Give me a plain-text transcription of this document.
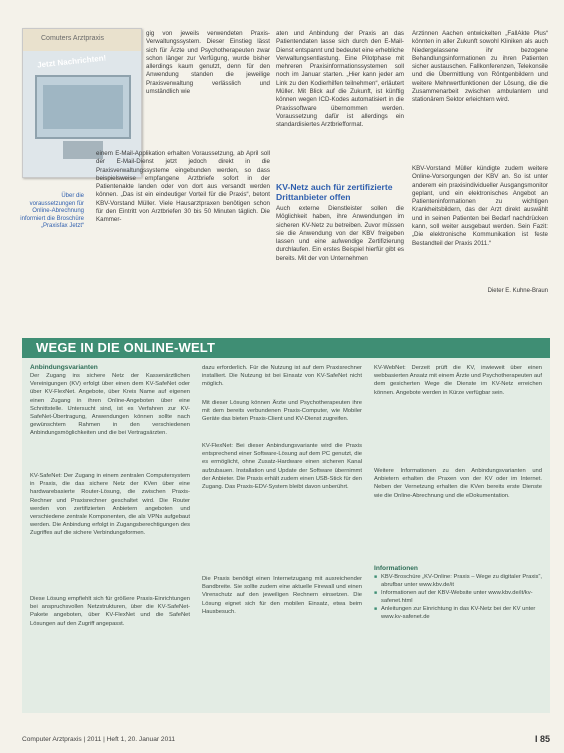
Comuters Arztpraxis
Jetzt Nachrichten!
Über die voraussetzungen für Online-Abrechnung informiert die Broschüre „Praxisfax Jetzt“

gig von jeweils verwendeten Praxis-Verwaltungssystem. Dieser Einstieg lässt sich für Ärzte und Psychotherapeuten zwar schon länger zur Verfügung, wurde bisher allerdings kaum genutzt, denn für den Anwendung standen die jeweilige Praxisverwaltung verlässlich und umständlich wie

einem E-Mail-Applikation erhalten Voraussetzung, ab April soll der E-Mail-Dienst jetzt jedoch direkt in die Praxisverwaltungssysteme eingebunden werden, so dass beispielsweise empfangene Arztbriefe sofort in der Patientenakte landen oder von dort aus versandt werden können. „Das ist ein eindeutiger Vorteil für die Praxis“, betont KBV-Vorstand Müller. Viele Hausarztpraxen benötigen schon für den Eintritt von Arztbriefen 30 bis 50 Minuten täglich. Die Kammer-

aten und Anbindung der Praxis an das Patientendaten lasse sich durch den E-Mail-Dienst entspannt und bedeutet eine erhebliche Verwaltungsentlastung. Eine Pilotphase mit mehreren Praxisinformationssystemen soll noch im Januar starten. „Hier kann jeder am Link zu den Kodierhilfen teilnehmen“, erläutert Müller. Mit Blick auf die Zukunft, ist künftig können wegen ICD-Kodes automatisiert in die Praxissoftware übernommen werden. Voraussetzung dafür ist allerdings ein standardisiertes Arztbriefformat.

KV-Netz auch für zertifizierte Drittanbieter offen

Auch externe Dienstleister sollen die Möglichkeit haben, ihre Anwendungen im sicheren KV-Netz zu betreiben. Zuvor müssen sie die Anwendung von der KBV freigeben lassen und eine aufwendige Zertifizierung durchlaufen. Ein erstes Beispiel hierfür gibt es bereits. Mit der von Unternehmen

Ärztinnen Aachen entwickelten „FallAkte Plus“ könnten in aller Zukunft sowohl Kliniken als auch Niedergelassene ihr bezogene Behandlungsinformationen zu ihren Patienten sicher austauschen. Fallkonferenzen, Telekonsile und die Übermittlung von Röntgenbildern und weitere Mehrwertfunktionen der Lösung, die die Zusammenarbeit zwischen ambulantem und stationärem Sektor erleichtern wird.

KBV-Vorstand Müller kündigte zudem weitere Online-Vorsorgungen der KBV an. So ist unter anderem ein praxisindividueller Ausgangsmonitor geplant, und ein elektronisches Angebot an Patienteninformationen zu wichtigen Krankheitsbildern, das der Arzt direkt auswählt und in seinen Patienten bei Bedarf nachdrücken kann, soll weiter ausgebaut werden. Sein Fazit: „Die elektronische Kommunikation ist feste Bestandteil der Praxis 2011.“

Dieter E. Kuhne-Braun
WEGE IN DIE ONLINE-WELT
Anbindungsvarianten

Der Zugang ins sichere Netz der Kassenärztlichen Vereinigungen (KV) erfolgt über einen dem KV-SafeNet oder über KV-FlexNet. Angebote, über Kreis Name auf eigenen einen Zugang in ihren Online-Angeboten über eine Schnittstelle. Untersucht sind, ist es Verfahren zur KV-SafeNet-Übertragung, Anwendungen können sollte nach gewünschtem Rahmen in den verschiedenen Anbindungsmöglichkeiten und die bei Vertragsärzten.

KV-SafeNet: Der Zugang in einem zentralen Computersystem in Praxis, die das sichere Netz der KVen über eine hardwarebasierte Router-Lösung, die zwischen Praxis-Rechner und Praxisrechner geschaltet wird. Die Router werden von zertifizierten Anbietern angeboten und verschiedene zentrale Komponenten, die als VPNs aufgebaut werden. Die Anbindung erfolgt in Zugangsberechtigungen des Zugriffes auf die sichere Verbindungsformen.

Diese Lösung empfiehlt sich für größere Praxis-Einrichtungen bei anspruchsvollen Netzstrukturen, über die KV-SafeNet-Pakete angeboten, über KV-FlexNet und die SafeNet Lösungen auf den Zugriff angepasst.

dazu erforderlich. Für die Nutzung ist auf dem Praxisrechner installiert. Die Nutzung ist bei Einsatz von KV-SafeNet nicht möglich.

Mit dieser Lösung können Ärzte und Psychotherapeuten ihre mit dem bereits verbundenen Praxis-Computer, wie Mobiler Geräte das bieten Praxis-Client und KV-Dienst zugreifen.

KV-FlexNet: Bei dieser Anbindungsvariante wird die Praxis entsprechend einer Software-Lösung auf dem PC genutzt, die es ermöglicht, ohne Zusatz-Hardware einen sicheren Kanal aufzubauen. Installation und Update der Software übernimmt der Anbieter. Die Praxis erhält zudem einen USB-Stick für den Zugang. Das Praxis-EDV-System bleibt davon unberührt.

Die Praxis benötigt einen Internetzugang mit ausreichender Bandbreite. Sie sollte zudem eine aktuelle Firewall und einen Virenschutz auf den jeweiligen Rechnern einsetzen. Die Lösung eignet sich für den mobilen Einsatz, etwa beim Hausbesuch.

KV-WebNet: Derzeit prüft die KV, inwieweit über einen webbasierten Ansatz mit einem Ärzte und Psychotherapeuten auf dem gesicherten Wege die Dienste im KV-Netz erreichen können. Angebote werden in Kürze verfügbar sein.

Weitere Informationen zu den Anbindungsvarianten und Anbietern erhalten die Praxen von der KV oder im Internet. Neben der Vernetzung erhalten die KVen bereits erste Dienste wie die Online-Abrechnung und die eDokumentation.

Informationen

■ KBV-Broschüre „KV-Online: Praxis – Wege zu digitaler Praxis“, abrufbar unter www.kbv.de/it

■ Informationen auf der KBV-Website unter www.kbv.de/it/kv-safenet.html

■ Anleitungen zur Einrichtung in das KV-Netz bei der KV unter www.kv-safenet.de

Computer Arztpraxis | 2011 | Heft 1, 20. Januar 2011	I 85
